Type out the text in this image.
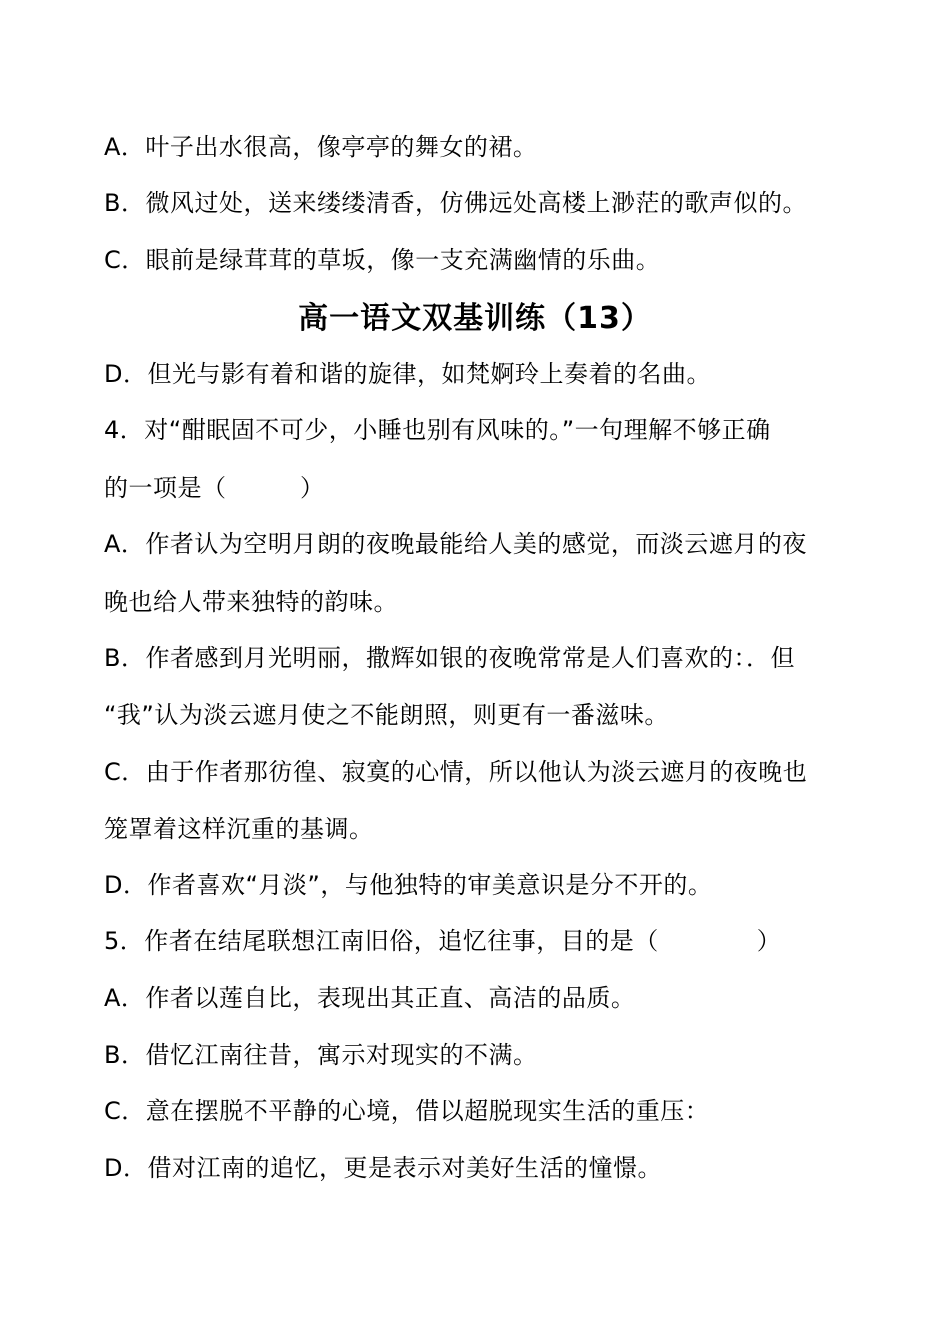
A．叶子出水很高，像亭亭的舞女的裙。
B．微风过处，送来缕缕清香，仿佛远处高楼上渺茫的歌声似的。
C．眼前是绿茸茸的草坂，像一支充满幽情的乐曲。
高一语文双基训练（13）
D．但光与影有着和谐的旋律，如梵婀玲上奏着的名曲。
4．对“酣眠固不可少，小睡也别有风味的。”一句理解不够正确
的一项是（　　　）
A．作者认为空明月朗的夜晚最能给人美的感觉，而淡云遮月的夜
晚也给人带来独特的韵味。
B．作者感到月光明丽，撒辉如银的夜晚常常是人们喜欢的：．但
“我”认为淡云遮月使之不能朗照，则更有一番滋味。
C．由于作者那彷徨、寂寞的心情，所以他认为淡云遮月的夜晚也
笼罩着这样沉重的基调。
D．作者喜欢“月淡”，与他独特的审美意识是分不开的。
5．作者在结尾联想江南旧俗，追忆往事，目的是（　　　　）
A．作者以莲自比，表现出其正直、高洁的品质。
B．借忆江南往昔，寓示对现实的不满。
C．意在摆脱不平静的心境，借以超脱现实生活的重压：
D．借对江南的追忆，更是表示对美好生活的憧憬。
